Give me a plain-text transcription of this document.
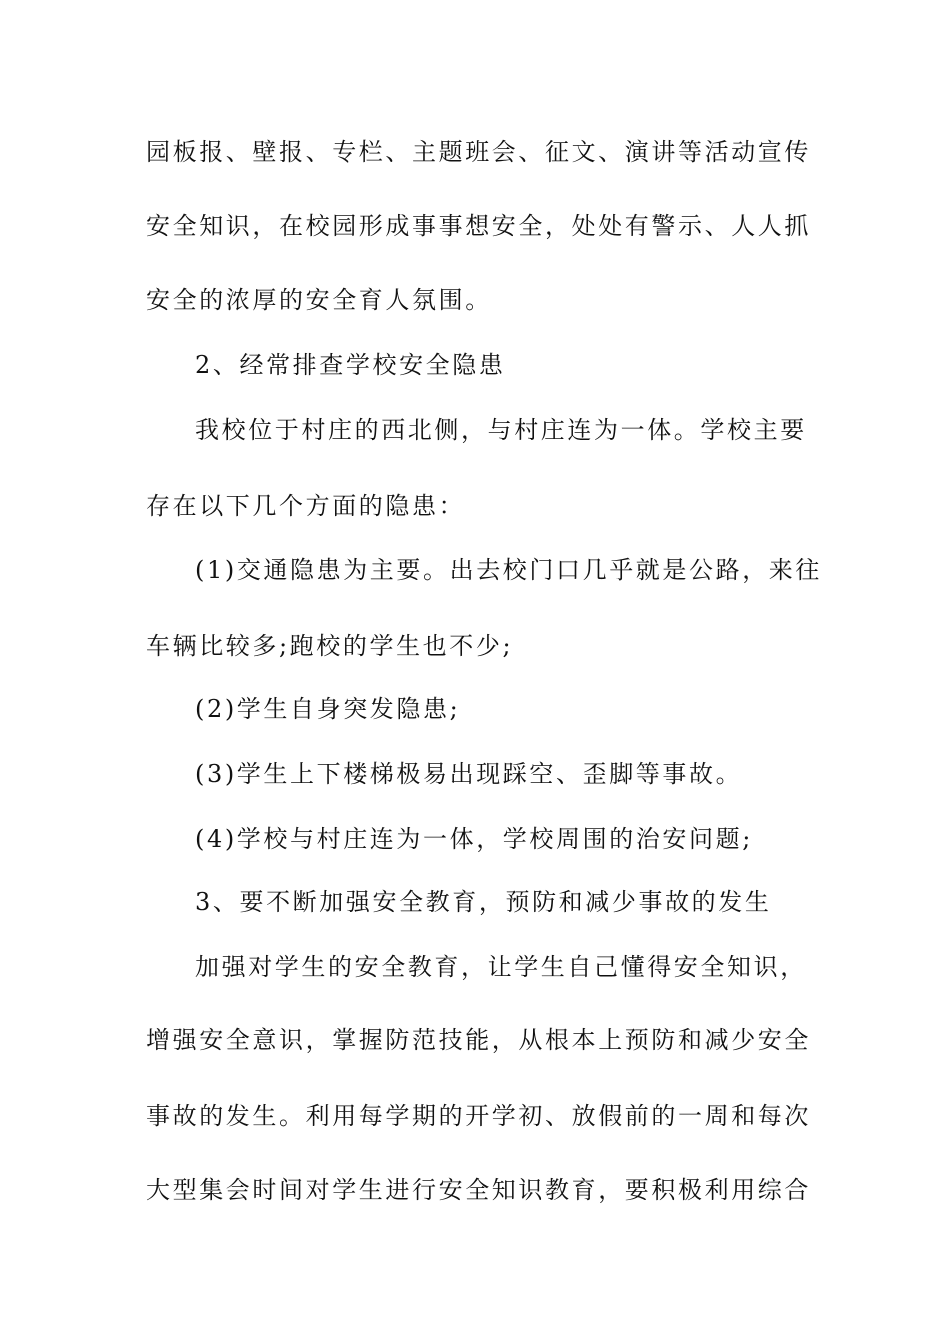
园板报、壁报、专栏、主题班会、征文、演讲等活动宣传

安全知识，在校园形成事事想安全，处处有警示、人人抓

安全的浓厚的安全育人氛围。

2、经常排查学校安全隐患

我校位于村庄的西北侧，与村庄连为一体。学校主要

存在以下几个方面的隐患：

(1)交通隐患为主要。出去校门口几乎就是公路，来往

车辆比较多;跑校的学生也不少;

(2)学生自身突发隐患;

(3)学生上下楼梯极易出现踩空、歪脚等事故。

(4)学校与村庄连为一体，学校周围的治安问题;

3、要不断加强安全教育，预防和减少事故的发生

加强对学生的安全教育，让学生自己懂得安全知识，

增强安全意识，掌握防范技能，从根本上预防和减少安全

事故的发生。利用每学期的开学初、放假前的一周和每次

大型集会时间对学生进行安全知识教育，要积极利用综合
